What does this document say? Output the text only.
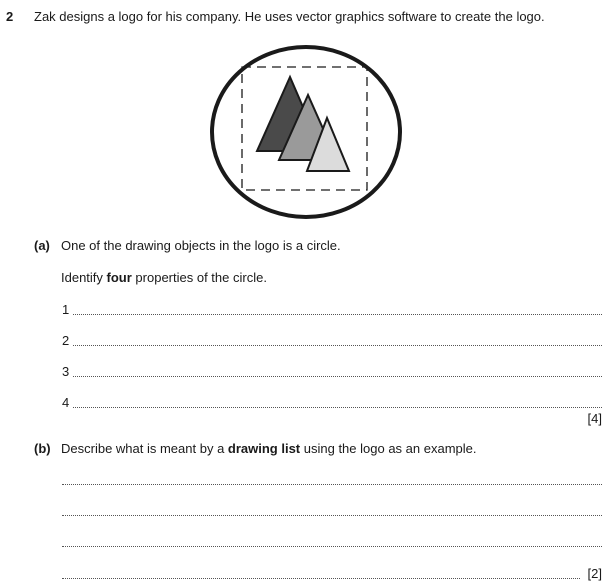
2 Zak designs a logo for his company. He uses vector graphics software to create the logo.
(a) One of the drawing objects in the logo is a circle.
Identify four properties of the circle.
1
2
3
4
[4]
(b) Describe what is meant by a drawing list using the logo as an example.
[2]
